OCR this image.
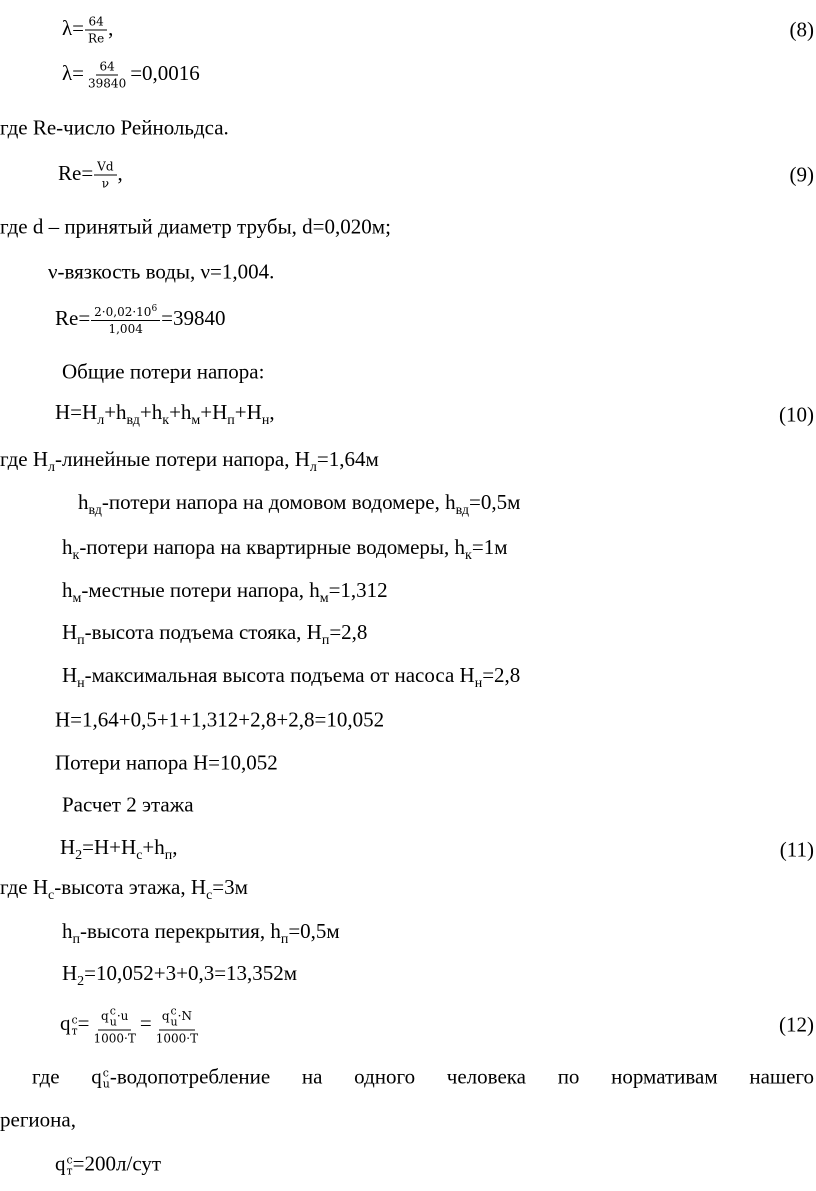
$\lambda= \frac{64}{Re}$ ,	(8)
$\lambda= \frac{64}{39840} =0,0016$
где Re-число Рейнольдса.
$Re= \frac{Vd}{\nu}$ ,	(9)
где d – принятый диаметр трубы, d=0,020м;
ν-вязкость воды, ν=1,004.
$Re= \frac{2\cdot 0,02\cdot 10^6}{1,004} =39840$
Общие потери напора:
$H=H_л+h_{вд}+h_к+h_м+H_п+H_н$,	(10)
где $H_л$-линейные потери напора, $H_л=1,64м$
$h_{вд}$-потери напора на домовом водомере, $h_{вд}=0,5м$
$h_к$-потери напора на квартирные водомеры, $h_к=1м$
$h_м$-местные потери напора, $h_м=1,312$
$H_п$-высота подъема стояка, $H_п=2,8$
$H_н$-максимальная высота подъема от насоса $H_н=2,8$
H=1,64+0,5+1+1,312+2,8+2,8=10,052
Потери напора H=10,052
Расчет 2 этажа
$H_2=H+H_с+h_п$,	(11)
где $H_с$-высота этажа, $H_с=3м$
$h_п$-высота перекрытия, $h_п=0,5м$
$H_2=10,052+3+0,3=13,352м$
q с
т = q c
u ·u
1000·T = q c
u ·N
1000·T	(12)
где q c
u -водопотребление на одного человека по нормативам нашего
региона,
q с
т =200л/сут
